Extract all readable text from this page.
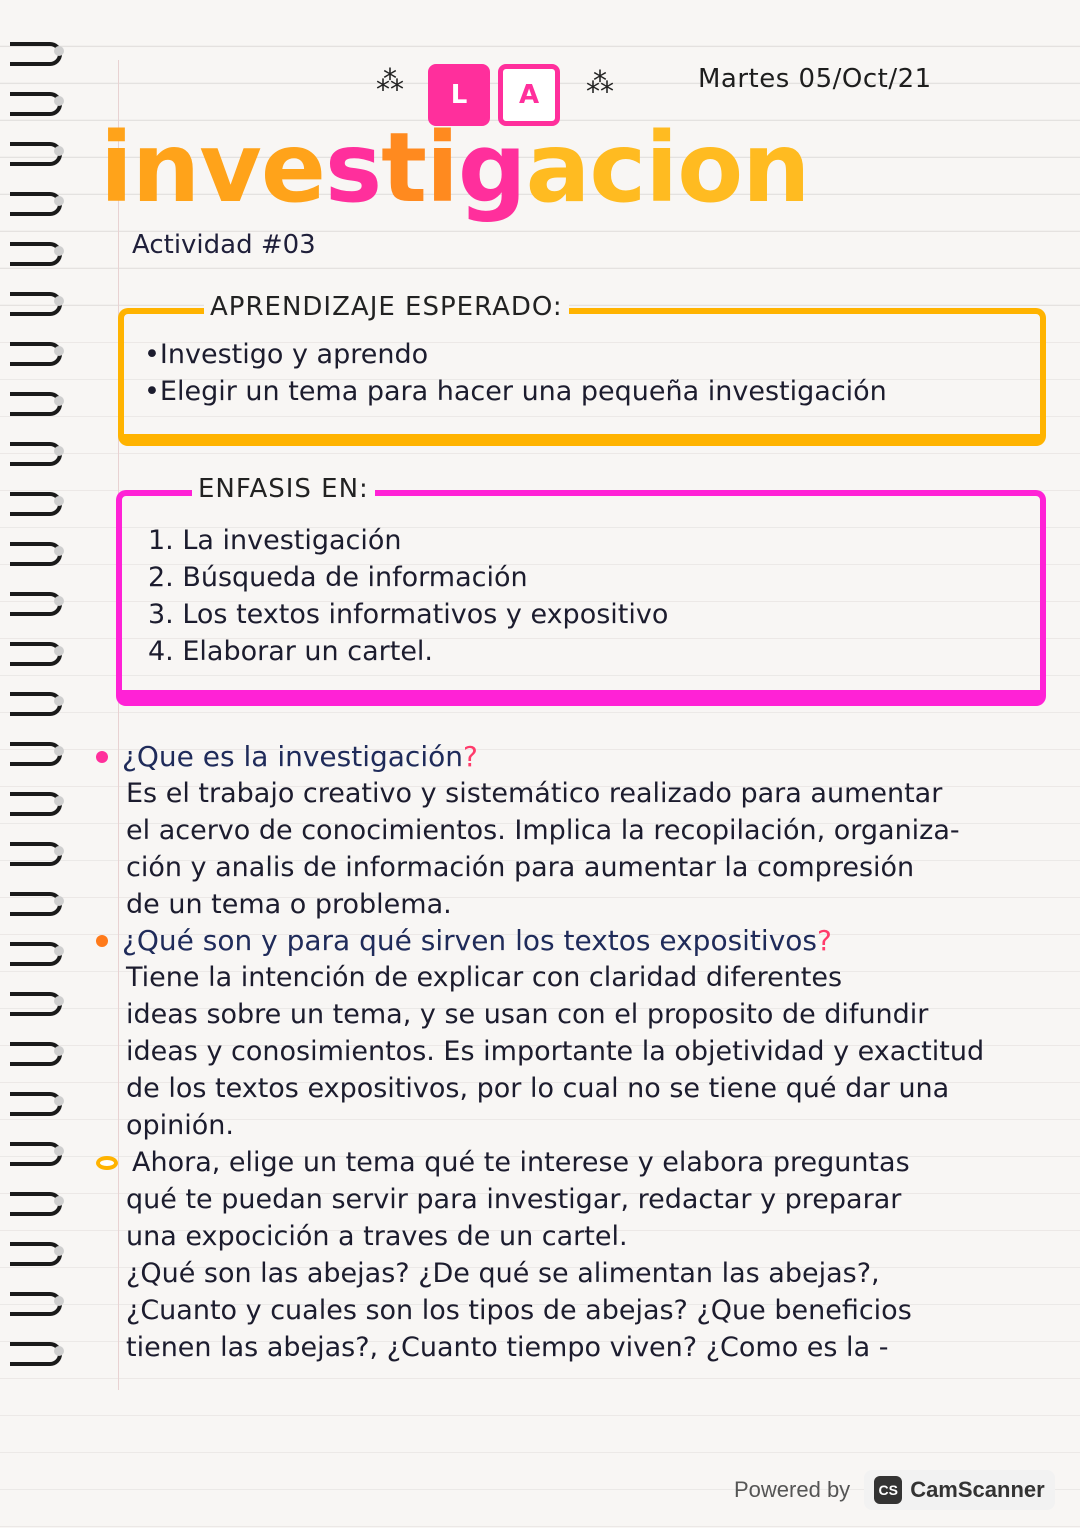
⁂	L	A	⁂	Martes 05/Oct/21
investigacion
Actividad #03
APRENDIZAJE ESPERADO:
•Investigo y aprendo
•Elegir un tema para hacer una pequeña investigación
ENFASIS EN:
1. La investigación
2. Búsqueda de información
3. Los textos informativos y expositivo
4. Elaborar un cartel.
¿Que es la investigación?

Es el trabajo creativo y sistemático realizado para aumentar
el acervo de conocimientos. Implica la recopilación, organiza-
ción y analis de información para aumentar la compresión
de un tema o problema.

¿Qué son y para qué sirven los textos expositivos?

Tiene la intención de explicar con claridad diferentes
ideas sobre un tema, y se usan con el proposito de difundir
ideas y conosimientos. Es importante la objetividad y exactitud
de los textos expositivos, por lo cual no se tiene qué dar una
opinión.

Ahora, elige un tema qué te interese y elabora preguntas

qué te puedan servir para investigar, redactar y preparar
una expocición a traves de un cartel.
¿Qué son las abejas? ¿De qué se alimentan las abejas?,
¿Cuanto y cuales son los tipos de abejas? ¿Que beneficios
tienen las abejas?, ¿Cuanto tiempo viven? ¿Como es la -

Powered by	CS CamScanner
